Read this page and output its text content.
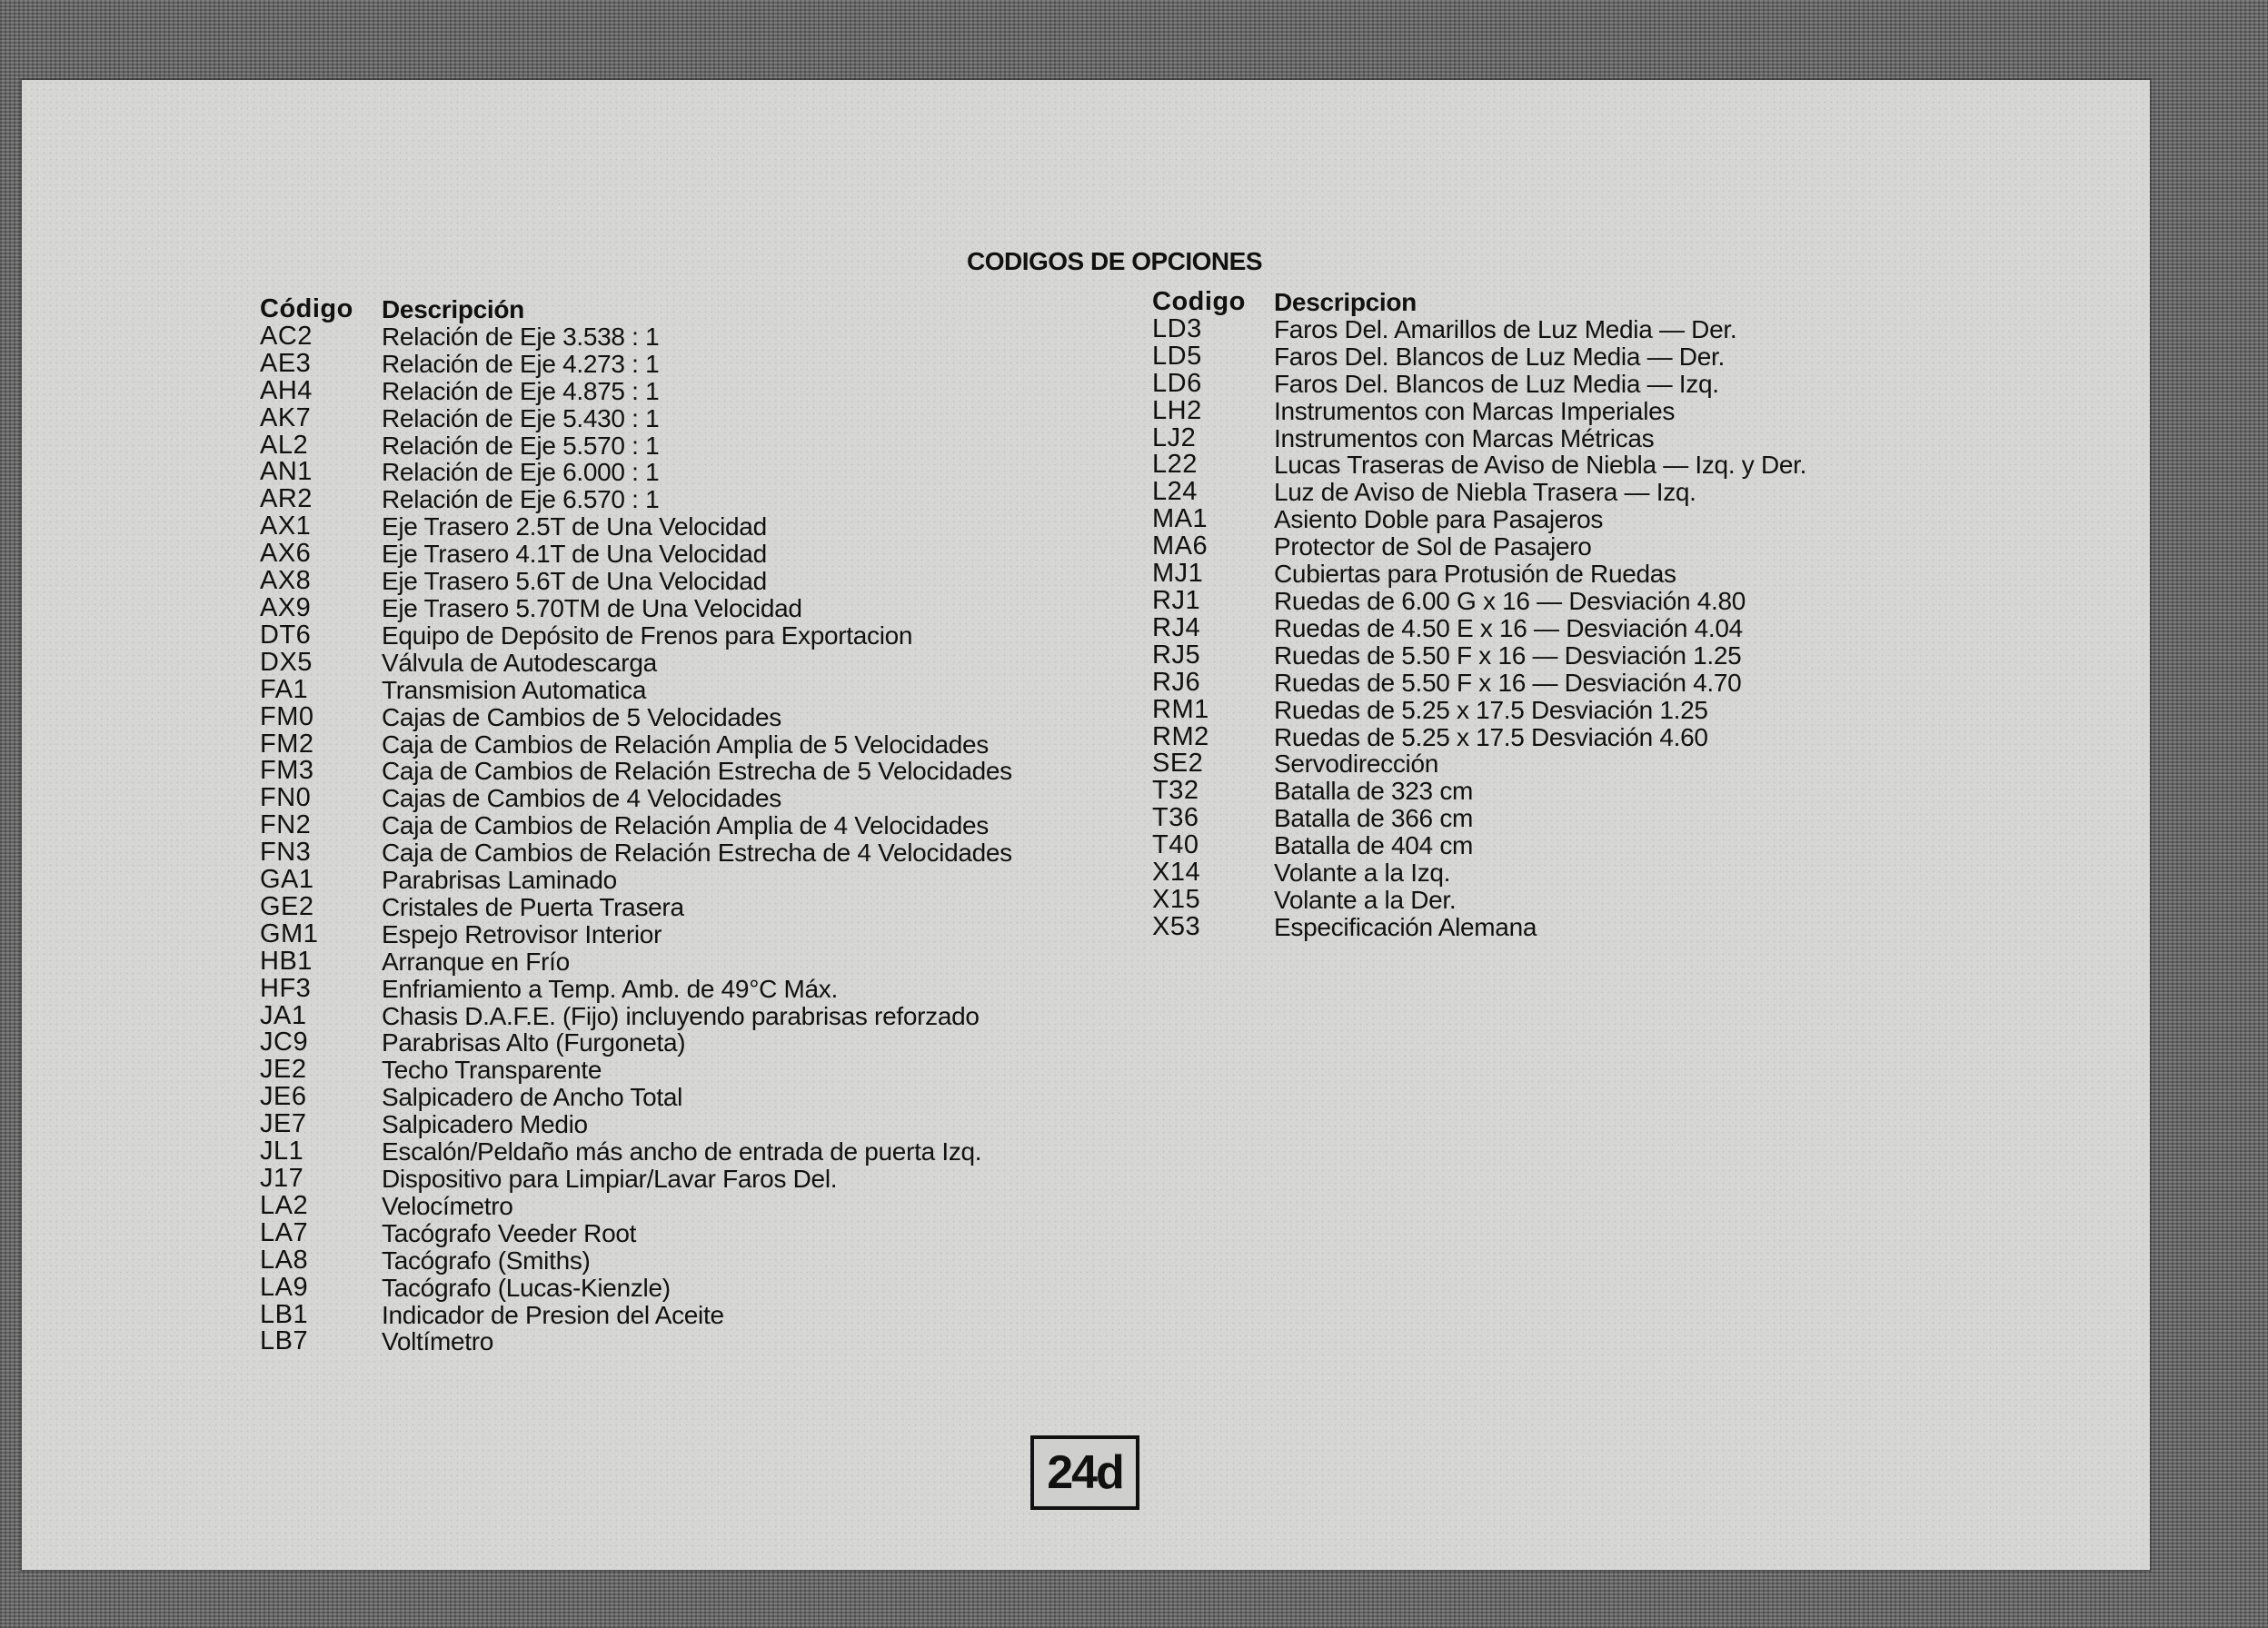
CODIGOS DE OPCIONES
Código	Descripción
AC2	Relación de Eje 3.538 : 1
AE3	Relación de Eje 4.273 : 1
AH4	Relación de Eje 4.875 : 1
AK7	Relación de Eje 5.430 : 1
AL2	Relación de Eje 5.570 : 1
AN1	Relación de Eje 6.000 : 1
AR2	Relación de Eje 6.570 : 1
AX1	Eje Trasero 2.5T de Una Velocidad
AX6	Eje Trasero 4.1T de Una Velocidad
AX8	Eje Trasero 5.6T de Una Velocidad
AX9	Eje Trasero 5.70TM de Una Velocidad
DT6	Equipo de Depósito de Frenos para Exportacion
DX5	Válvula de Autodescarga
FA1	Transmision Automatica
FM0	Cajas de Cambios de 5 Velocidades
FM2	Caja de Cambios de Relación Amplia de 5 Velocidades
FM3	Caja de Cambios de Relación Estrecha de 5 Velocidades
FN0	Cajas de Cambios de 4 Velocidades
FN2	Caja de Cambios de Relación Amplia de 4 Velocidades
FN3	Caja de Cambios de Relación Estrecha de 4 Velocidades
GA1	Parabrisas Laminado
GE2	Cristales de Puerta Trasera
GM1	Espejo Retrovisor Interior
HB1	Arranque en Frío
HF3	Enfriamiento a Temp. Amb. de 49°C Máx.
JA1	Chasis D.A.F.E. (Fijo) incluyendo parabrisas reforzado
JC9	Parabrisas Alto (Furgoneta)
JE2	Techo Transparente
JE6	Salpicadero de Ancho Total
JE7	Salpicadero Medio
JL1	Escalón/Peldaño más ancho de entrada de puerta Izq.
J17	Dispositivo para Limpiar/Lavar Faros Del.
LA2	Velocímetro
LA7	Tacógrafo Veeder Root
LA8	Tacógrafo (Smiths)
LA9	Tacógrafo (Lucas-Kienzle)
LB1	Indicador de Presion del Aceite
LB7	Voltímetro
Codigo	Descripcion
LD3	Faros Del. Amarillos de Luz Media — Der.
LD5	Faros Del. Blancos de Luz Media — Der.
LD6	Faros Del. Blancos de Luz Media — Izq.
LH2	Instrumentos con Marcas Imperiales
LJ2	Instrumentos con Marcas Métricas
L22	Lucas Traseras de Aviso de Niebla — Izq. y Der.
L24	Luz de Aviso de Niebla Trasera — Izq.
MA1	Asiento Doble para Pasajeros
MA6	Protector de Sol de Pasajero
MJ1	Cubiertas para Protusión de Ruedas
RJ1	Ruedas de 6.00 G x 16 — Desviación 4.80
RJ4	Ruedas de 4.50 E x 16 — Desviación 4.04
RJ5	Ruedas de 5.50 F x 16 — Desviación 1.25
RJ6	Ruedas de 5.50 F x 16 — Desviación 4.70
RM1	Ruedas de 5.25 x 17.5 Desviación 1.25
RM2	Ruedas de 5.25 x 17.5 Desviación 4.60
SE2	Servodirección
T32	Batalla de 323 cm
T36	Batalla de 366 cm
T40	Batalla de 404 cm
X14	Volante a la Izq.
X15	Volante a la Der.
X53	Especificación Alemana
24d
